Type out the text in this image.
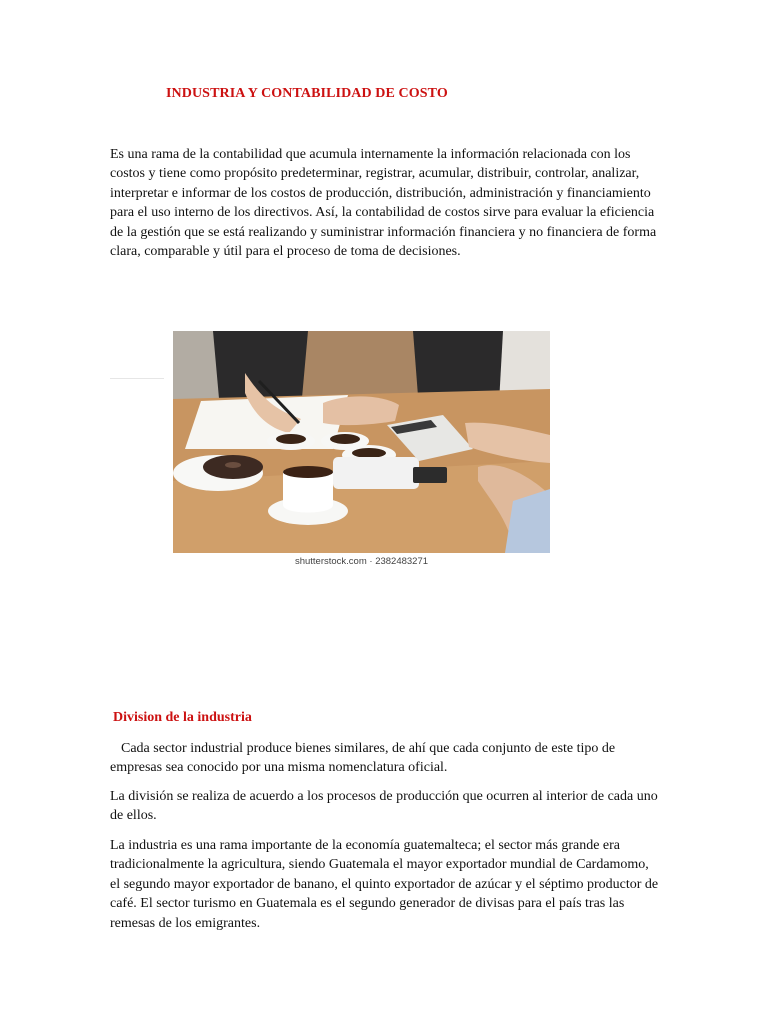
INDUSTRIA Y CONTABILIDAD DE COSTO

Es una rama de la contabilidad que acumula internamente la información relacionada con los costos y tiene como propósito predeterminar, registrar, acumular, distribuir, controlar, analizar, interpretar e informar de los costos de producción, distribución, administración y financiamiento para el uso interno de los directivos. Así, la contabilidad de costos sirve para evaluar la eficiencia de la gestión que se está realizando y suministrar información financiera y no financiera de forma clara, comparable y útil para el proceso de toma de decisiones.

shutterstock.com · 2382483271
Division de la industria

Cada sector industrial produce bienes similares, de ahí que cada conjunto de este tipo de empresas sea conocido por una misma nomenclatura oficial.

La división se realiza de acuerdo a los procesos de producción que ocurren al interior de cada uno de ellos.

La industria es una rama importante de la economía guatemalteca; el sector más grande era tradicionalmente la agricultura, siendo Guatemala el mayor exportador mundial de Cardamomo, el segundo mayor exportador de banano, el quinto exportador de azúcar y el séptimo productor de café. El sector turismo en Guatemala es el segundo generador de divisas para el país tras las remesas de los emigrantes.
